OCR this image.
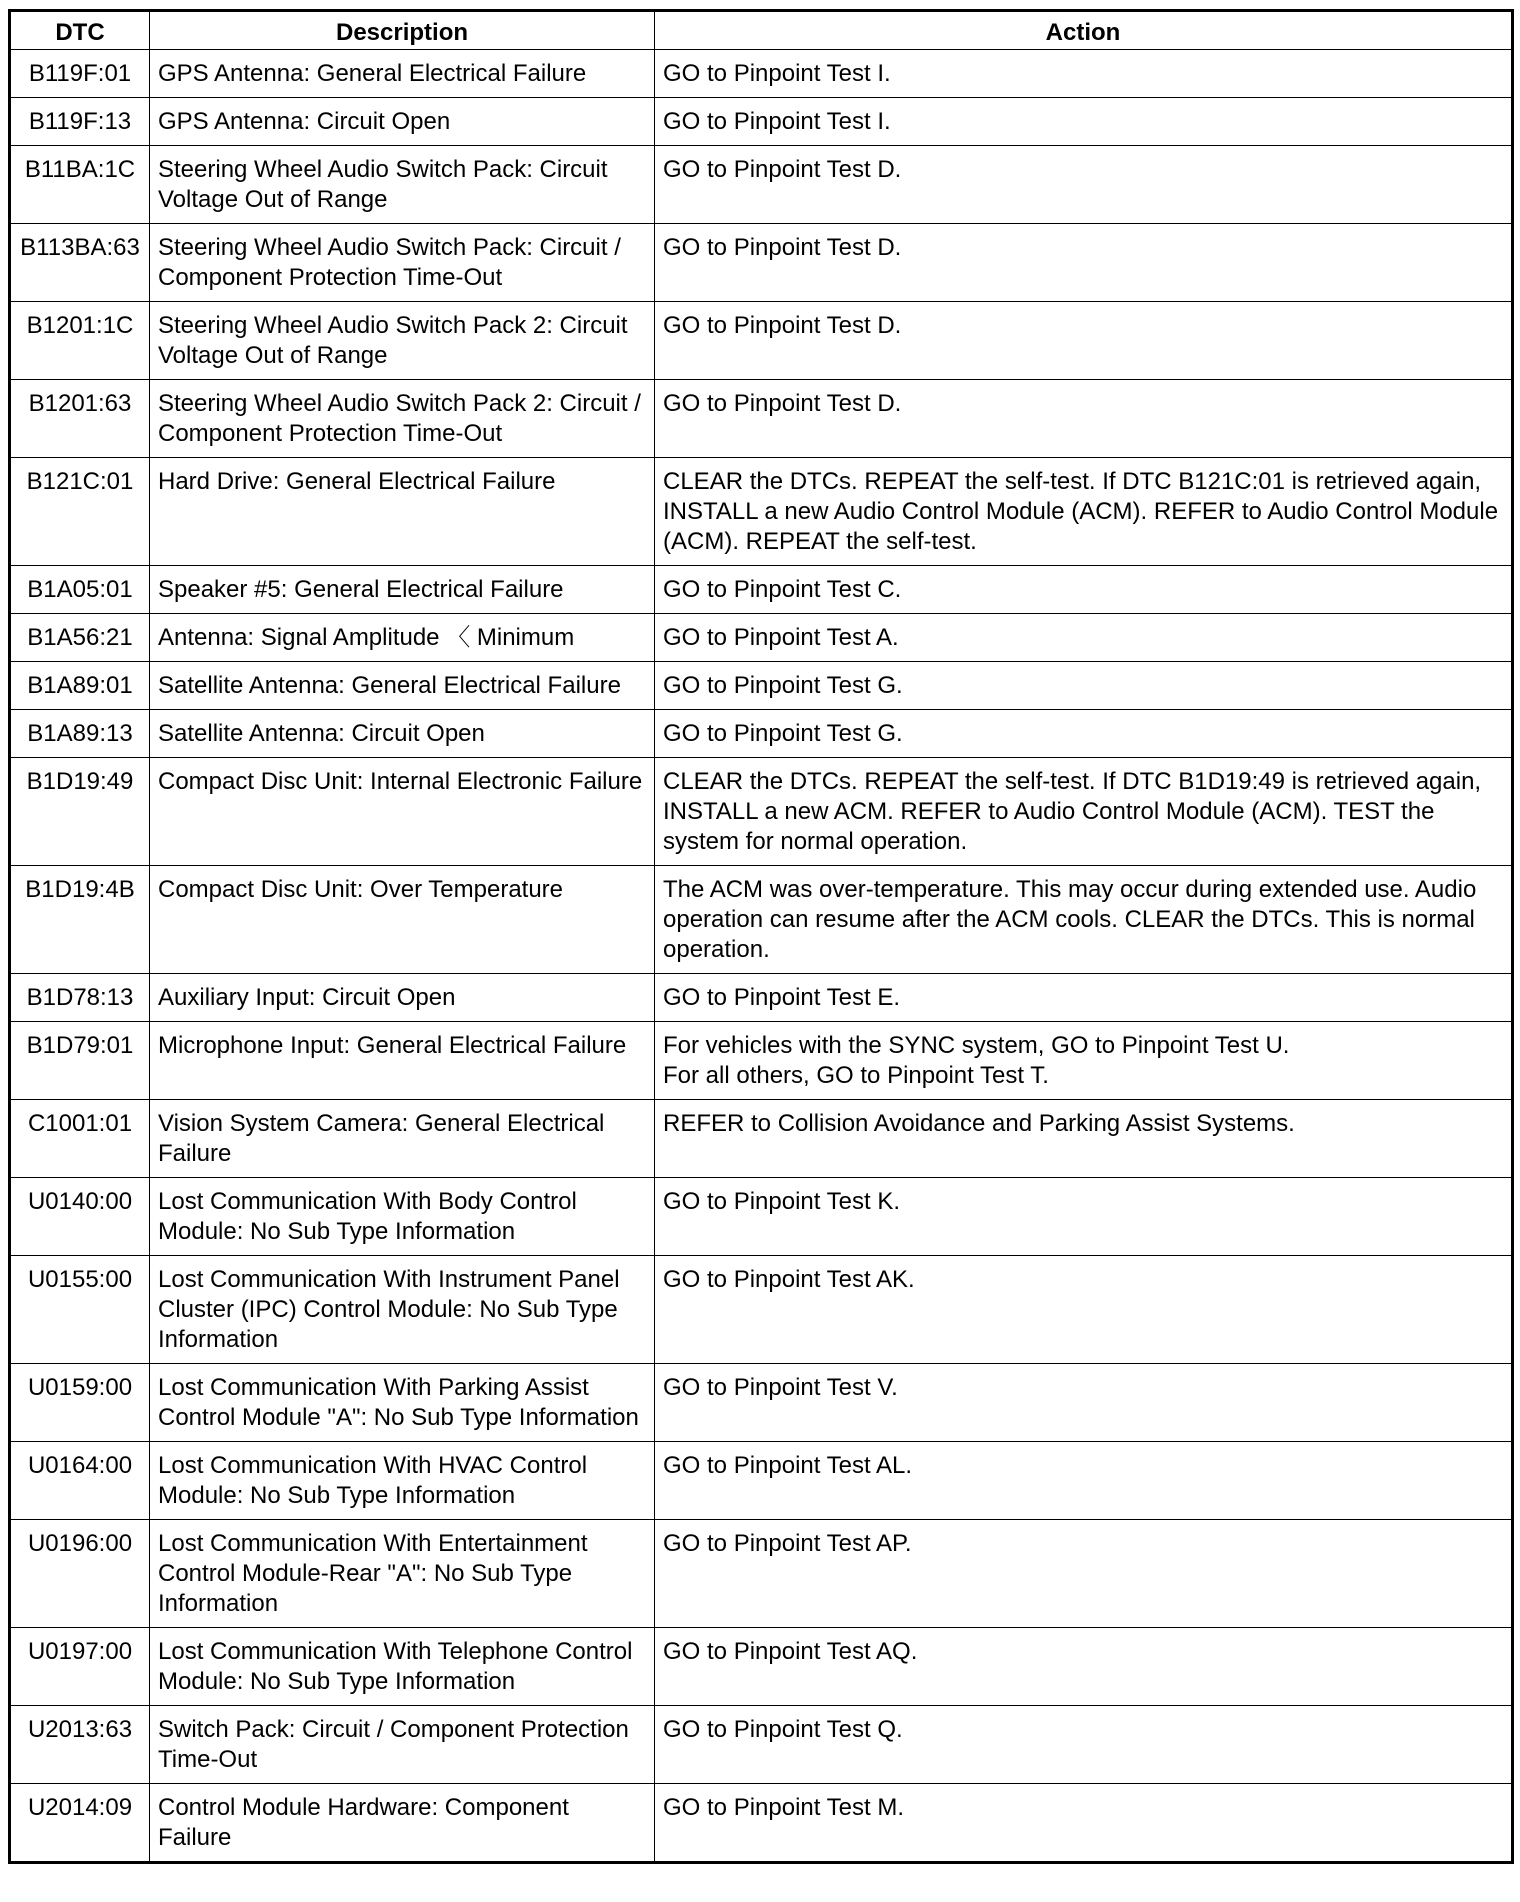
DTC	Description	Action
B119F:01	GPS Antenna: General Electrical Failure	GO to Pinpoint Test I.

B119F:13	GPS Antenna: Circuit Open	GO to Pinpoint Test I.

B11BA:1C	Steering Wheel Audio Switch Pack: Circuit Voltage Out of Range	GO to Pinpoint Test D.

B113BA:63	Steering Wheel Audio Switch Pack: Circuit / Component Protection Time-Out	GO to Pinpoint Test D.

B1201:1C	Steering Wheel Audio Switch Pack 2: Circuit Voltage Out of Range	GO to Pinpoint Test D.

B1201:63	Steering Wheel Audio Switch Pack 2: Circuit / Component Protection Time-Out	GO to Pinpoint Test D.

B121C:01	Hard Drive: General Electrical Failure	CLEAR the DTCs. REPEAT the self-test. If DTC B121C:01 is retrieved again, INSTALL a new Audio Control Module (ACM). REFER to Audio Control Module (ACM). REPEAT the self-test.

B1A05:01	Speaker #5: General Electrical Failure	GO to Pinpoint Test C.

B1A56:21	Antenna: Signal Amplitude 〈 Minimum	GO to Pinpoint Test A.

B1A89:01	Satellite Antenna: General Electrical Failure	GO to Pinpoint Test G.

B1A89:13	Satellite Antenna: Circuit Open	GO to Pinpoint Test G.

B1D19:49	Compact Disc Unit: Internal Electronic Failure	CLEAR the DTCs. REPEAT the self-test. If DTC B1D19:49 is retrieved again, INSTALL a new ACM. REFER to Audio Control Module (ACM). TEST the system for normal operation.

B1D19:4B	Compact Disc Unit: Over Temperature	The ACM was over-temperature. This may occur during extended use. Audio operation can resume after the ACM cools. CLEAR the DTCs. This is normal operation.

B1D78:13	Auxiliary Input: Circuit Open	GO to Pinpoint Test E.

B1D79:01	Microphone Input: General Electrical Failure	For vehicles with the SYNC system, GO to Pinpoint Test U.
For all others, GO to Pinpoint Test T.

C1001:01	Vision System Camera: General Electrical Failure	REFER to Collision Avoidance and Parking Assist Systems.

U0140:00	Lost Communication With Body Control Module: No Sub Type Information	GO to Pinpoint Test K.

U0155:00	Lost Communication With Instrument Panel Cluster (IPC) Control Module: No Sub Type Information	GO to Pinpoint Test AK.

U0159:00	Lost Communication With Parking Assist Control Module "A": No Sub Type Information	GO to Pinpoint Test V.

U0164:00	Lost Communication With HVAC Control Module: No Sub Type Information	GO to Pinpoint Test AL.

U0196:00	Lost Communication With Entertainment Control Module-Rear "A": No Sub Type Information	GO to Pinpoint Test AP.

U0197:00	Lost Communication With Telephone Control Module: No Sub Type Information	GO to Pinpoint Test AQ.

U2013:63	Switch Pack: Circuit / Component Protection Time-Out	GO to Pinpoint Test Q.

U2014:09	Control Module Hardware: Component Failure	GO to Pinpoint Test M.
